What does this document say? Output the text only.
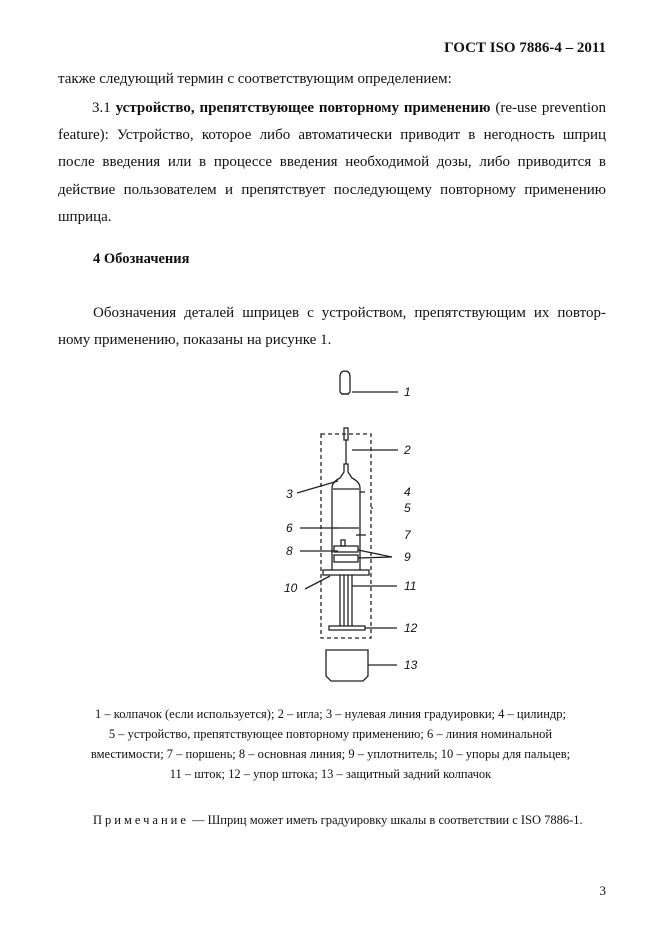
ГОСТ ISO 7886-4 – 2011
также следующий термин с соответствующим определением:
3.1 устройство, препятствующее повторному применению (re-use prevention feature): Устройство, которое либо автоматически приводит в негодность шприц после введения или в процессе введения необходимой дозы, либо приводится в действие пользователем и препятствует последующему повторному применению шприца.
4 Обозначения
Обозначения деталей шприцев с устройством, препятствующим их повтор-ному применению, показаны на рисунке 1.
1
2
3	4
5
6	7
8	9
10	11
12
13
1 – колпачок (если используется); 2 – игла; 3 – нулевая линия градуировки; 4 – цилиндр;
5 – устройство, препятствующее повторному применению; 6 – линия номинальной
вместимости; 7 – поршень; 8 – основная линия; 9 – уплотнитель; 10 – упоры для пальцев;
11 – шток; 12 – упор штока; 13 – защитный задний колпачок
Примечание — Шприц может иметь градуировку шкалы в соответствии с ISO 7886-1.
3
